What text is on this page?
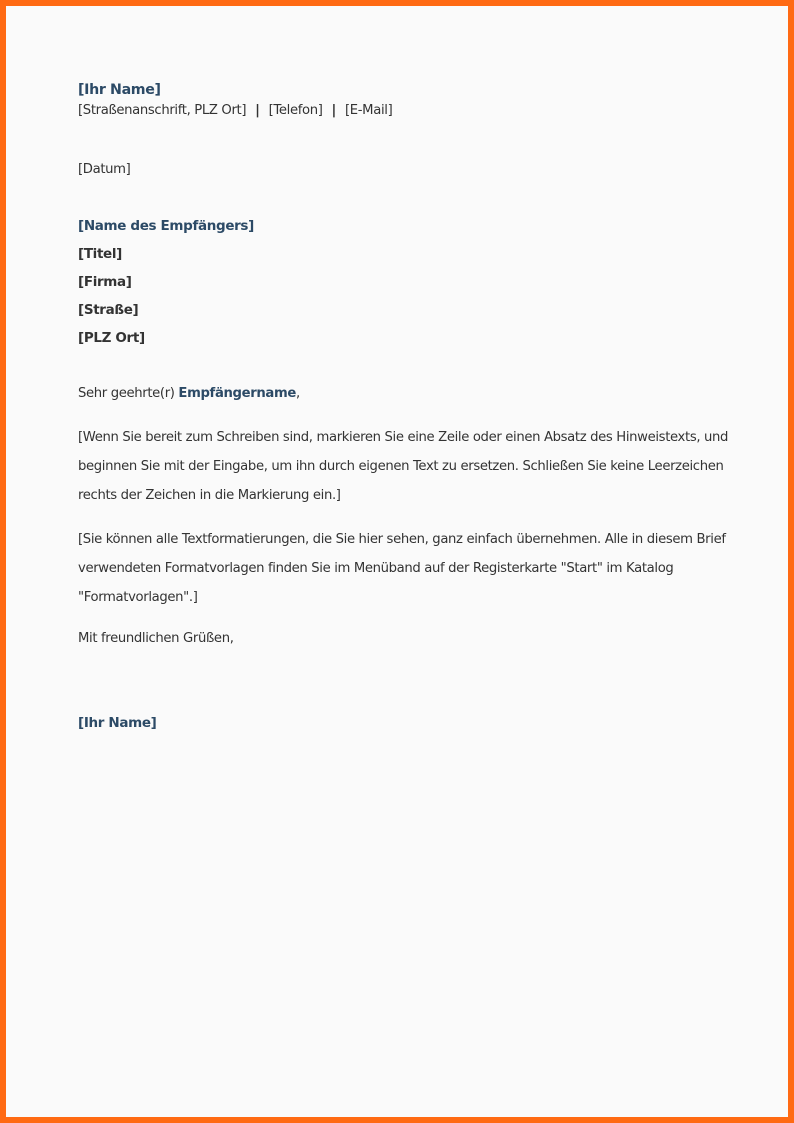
[Ihr Name]
[Straßenanschrift, PLZ Ort] | [Telefon] | [E-Mail]
[Datum]
[Name des Empfängers]
[Titel]
[Firma]
[Straße]
[PLZ Ort]
Sehr geehrte(r) Empfängername,

[Wenn Sie bereit zum Schreiben sind, markieren Sie eine Zeile oder einen Absatz des Hinweistexts, und beginnen Sie mit der Eingabe, um ihn durch eigenen Text zu ersetzen. Schließen Sie keine Leerzeichen rechts der Zeichen in die Markierung ein.]

[Sie können alle Textformatierungen, die Sie hier sehen, ganz einfach übernehmen. Alle in diesem Brief verwendeten Formatvorlagen finden Sie im Menüband auf der Registerkarte "Start" im Katalog "Formatvorlagen".]

Mit freundlichen Grüßen,
[Ihr Name]
